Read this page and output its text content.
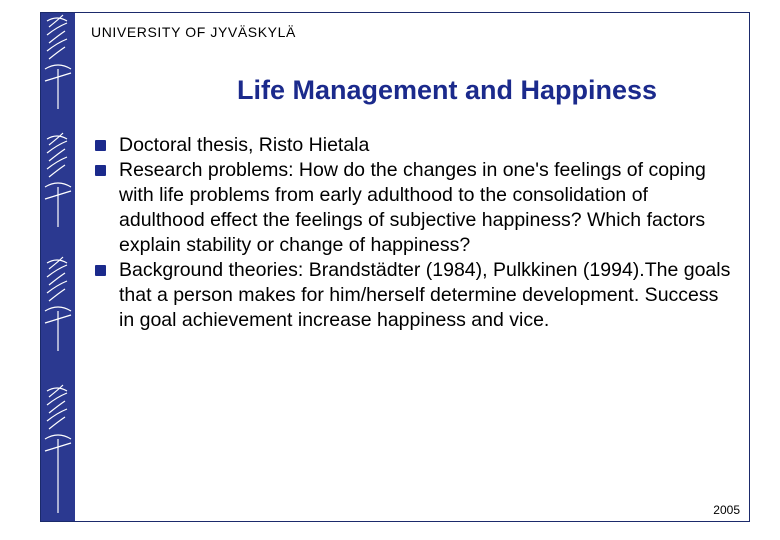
UNIVERSITY OF JYVÄSKYLÄ
Life Management and Happiness
Doctoral thesis, Risto Hietala
Research problems: How do the changes in one's feelings of coping with life problems from early adulthood to the consolidation of adulthood effect the feelings of subjective happiness? Which factors explain stability or change of happiness?
Background theories: Brandstädter (1984), Pulkkinen (1994).The goals that a person makes for him/herself determine development. Success in goal achievement increase happiness and vice.
2005
